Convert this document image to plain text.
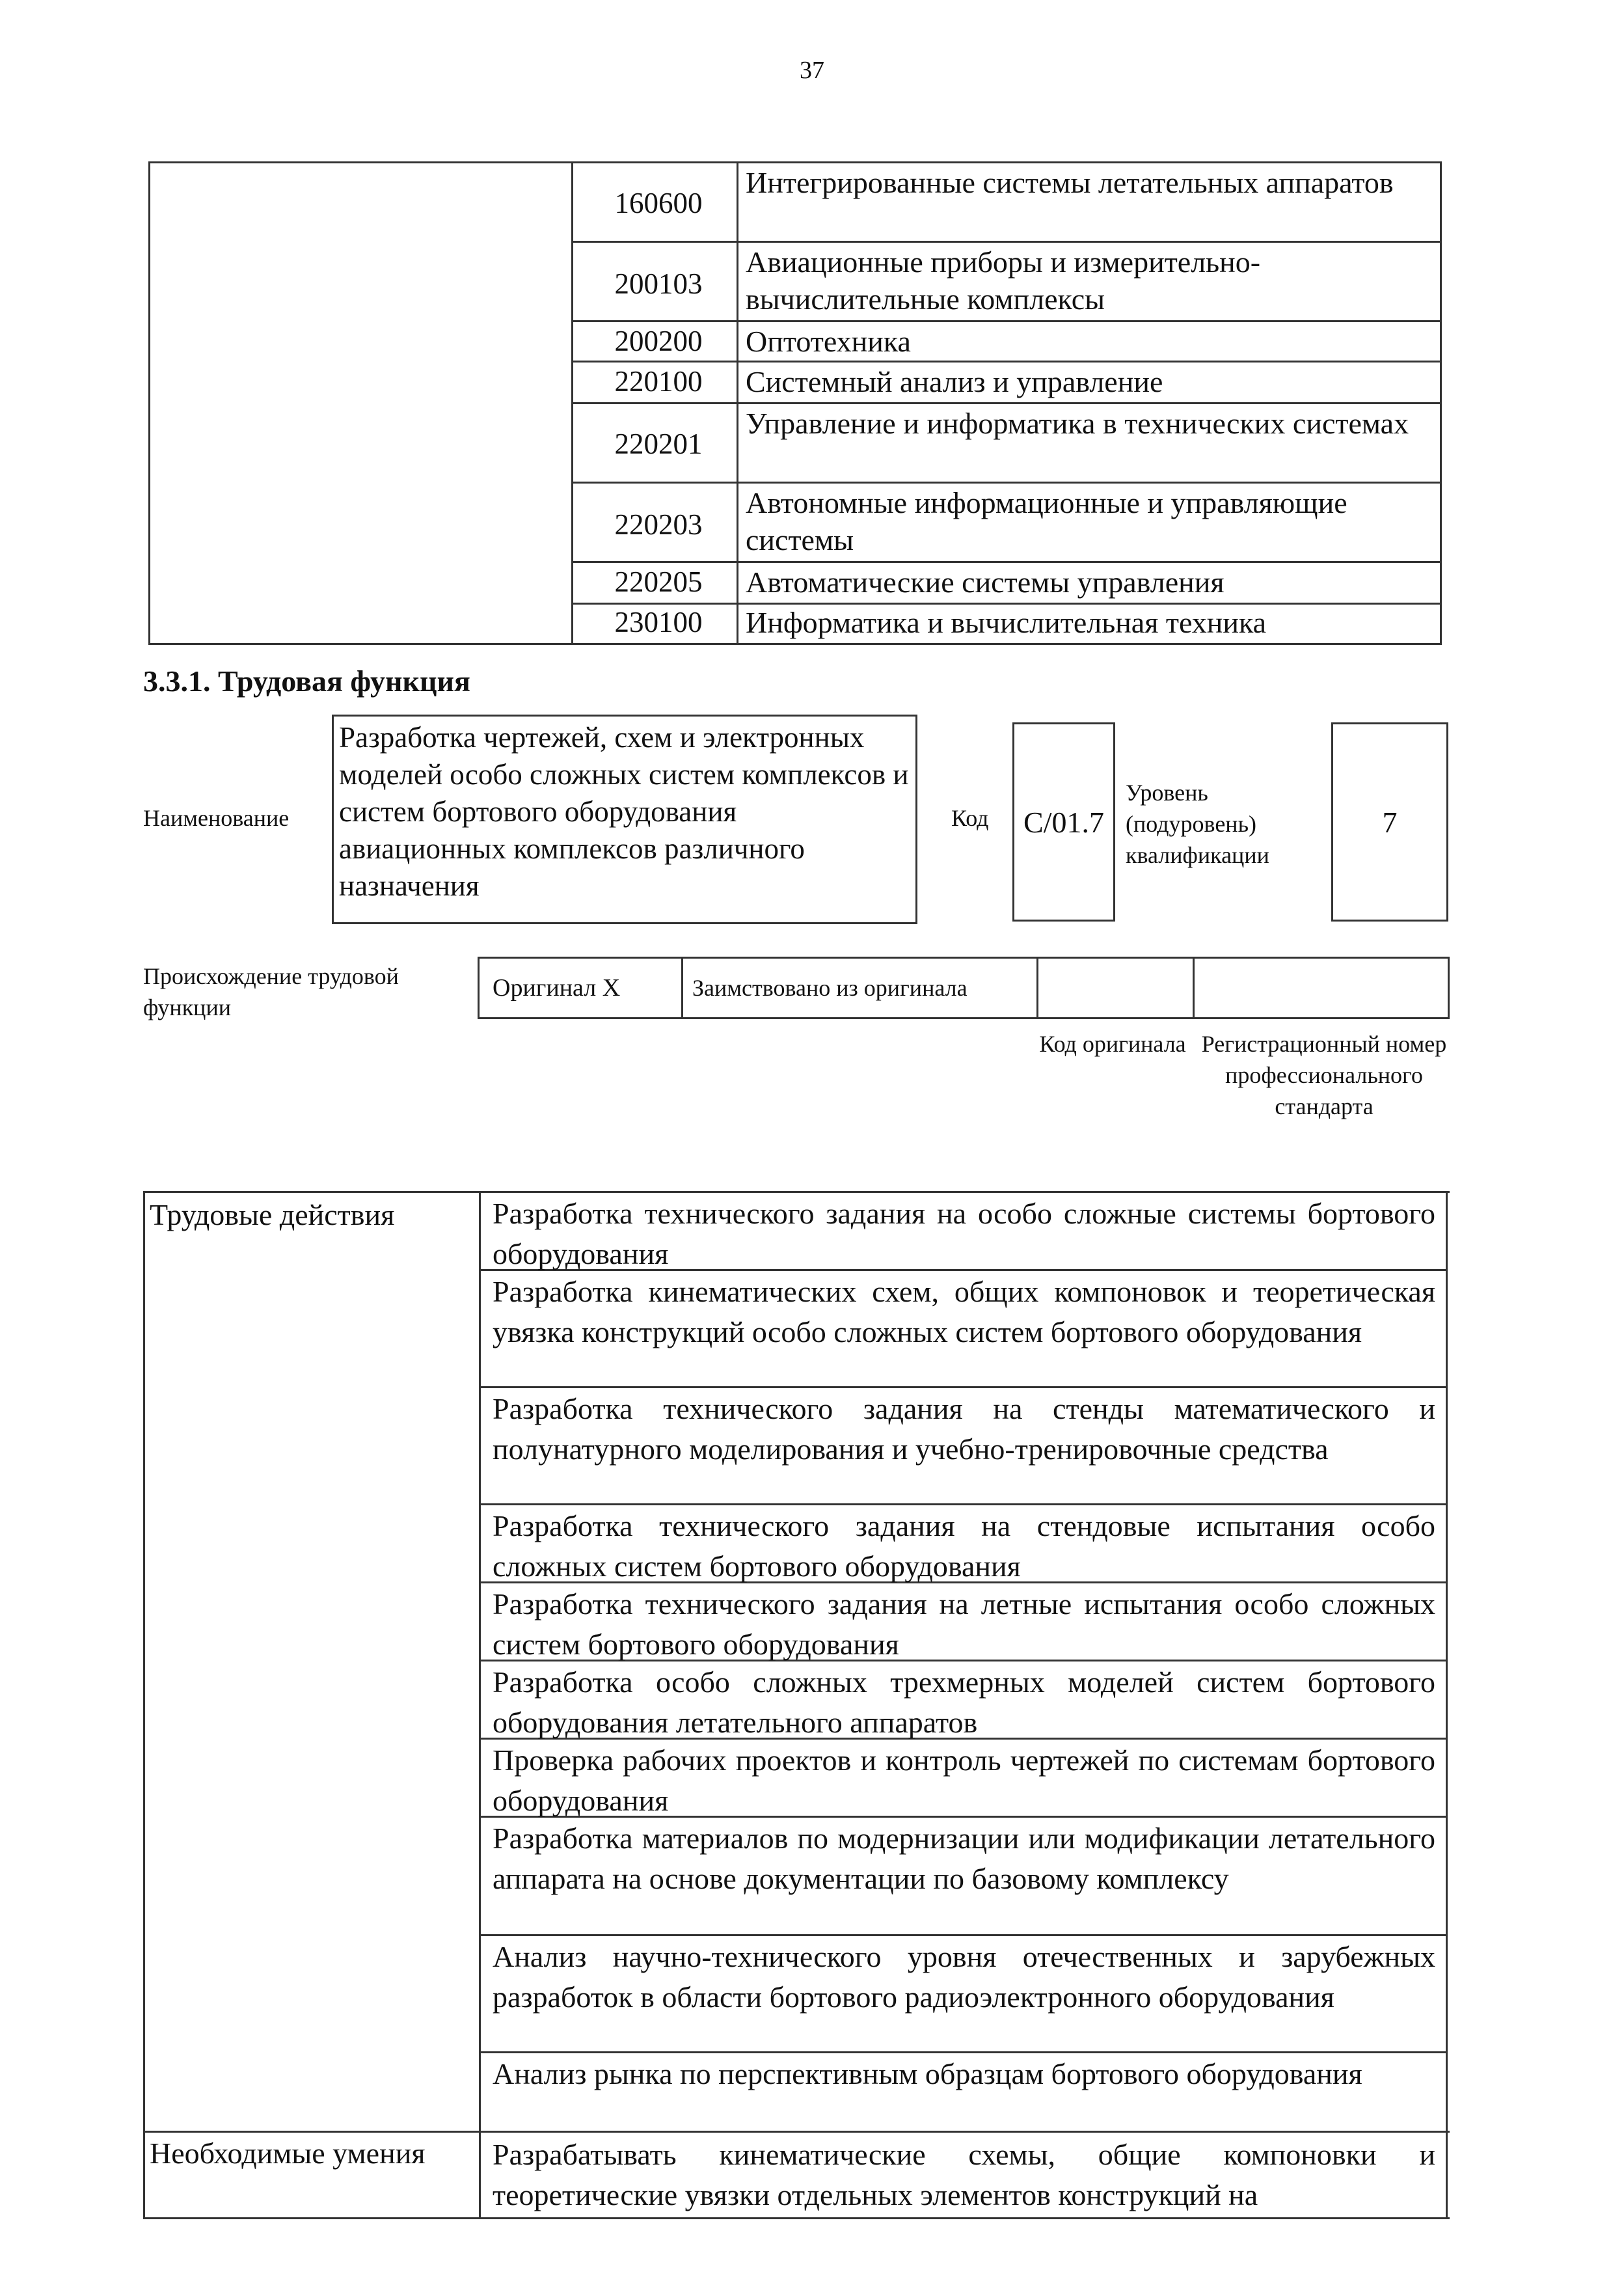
37
160600
Интегрированные системы летательных аппаратов
200103
Авиационные приборы и измерительно-вычислительные комплексы
200200	Оптотехника
220100	Системный анализ и управление
220201
Управление и информатика в технических системах
220203
Автономные информационные и управляющие системы
220205	Автоматические системы управления
230100	Информатика и вычислительная техника
3.3.1. Трудовая функция
Наименование
Разработка чертежей, схем и электронных моделей особо сложных систем комплексов и систем бортового оборудования авиационных комплексов различного назначения
Код С/01.7
Уровень (подуровень) квалификации
7
Происхождение трудовой функции
Оригинал X	Заимствовано из оригинала
Код оригинала Регистрационный номер профессионального стандарта
Трудовые действия	Разработка технического задания на особо сложные системы бортового оборудования
Разработка кинематических схем, общих компоновок и теоретическая увязка конструкций особо сложных систем бортового оборудования
Разработка технического задания на стенды математического и полунатурного моделирования и учебно-тренировочные средства
Разработка технического задания на стендовые испытания особо сложных систем бортового оборудования
Разработка технического задания на летные испытания особо сложных систем бортового оборудования
Разработка особо сложных трехмерных моделей систем бортового оборудования летательного аппаратов
Проверка рабочих проектов и контроль чертежей по системам бортового оборудования
Разработка материалов по модернизации или модификации летательного аппарата на основе документации по базовому комплексу
Анализ научно-технического уровня отечественных и зарубежных разработок в области бортового радиоэлектронного оборудования
Анализ рынка по перспективным образцам бортового оборудования
Необходимые умения	Разрабатывать кинематические схемы, общие компоновки и теоретические увязки отдельных элементов конструкций на
